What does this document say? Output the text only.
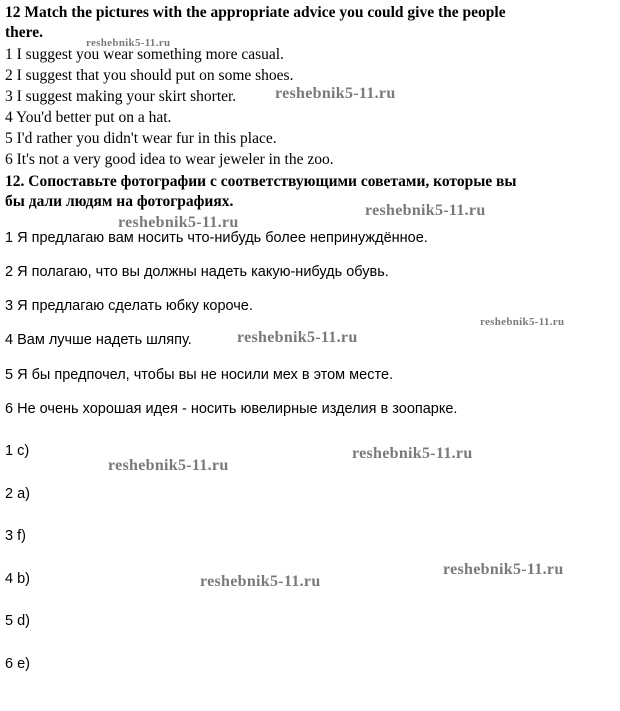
12 Match the pictures with the appropriate advice you could give the people
there.
1 I suggest you wear something more casual.
2 I suggest that you should put on some shoes.
3 I suggest making your skirt shorter.
4 You'd better put on a hat.
5 I'd rather you didn't wear fur in this place.
6 It's not a very good idea to wear jeweler in the zoo.
12. Сопоставьте фотографии с соответствующими советами, которые вы
бы дали людям на фотографиях.
1 Я предлагаю вам носить что-нибудь более непринуждённое.
2 Я полагаю, что вы должны надеть какую-нибудь обувь.
3 Я предлагаю сделать юбку короче.
4 Вам лучше надеть шляпу.
5 Я бы предпочел, чтобы вы не носили мех в этом месте.
6 Не очень хорошая идея - носить ювелирные изделия в зоопарке.
1 c)
2 a)
3 f)
4 b)
5 d)
6 e)
reshebnik5-11.ru
reshebnik5-11.ru
reshebnik5-11.ru
reshebnik5-11.ru
reshebnik5-11.ru
reshebnik5-11.ru
reshebnik5-11.ru
reshebnik5-11.ru
reshebnik5-11.ru
reshebnik5-11.ru
